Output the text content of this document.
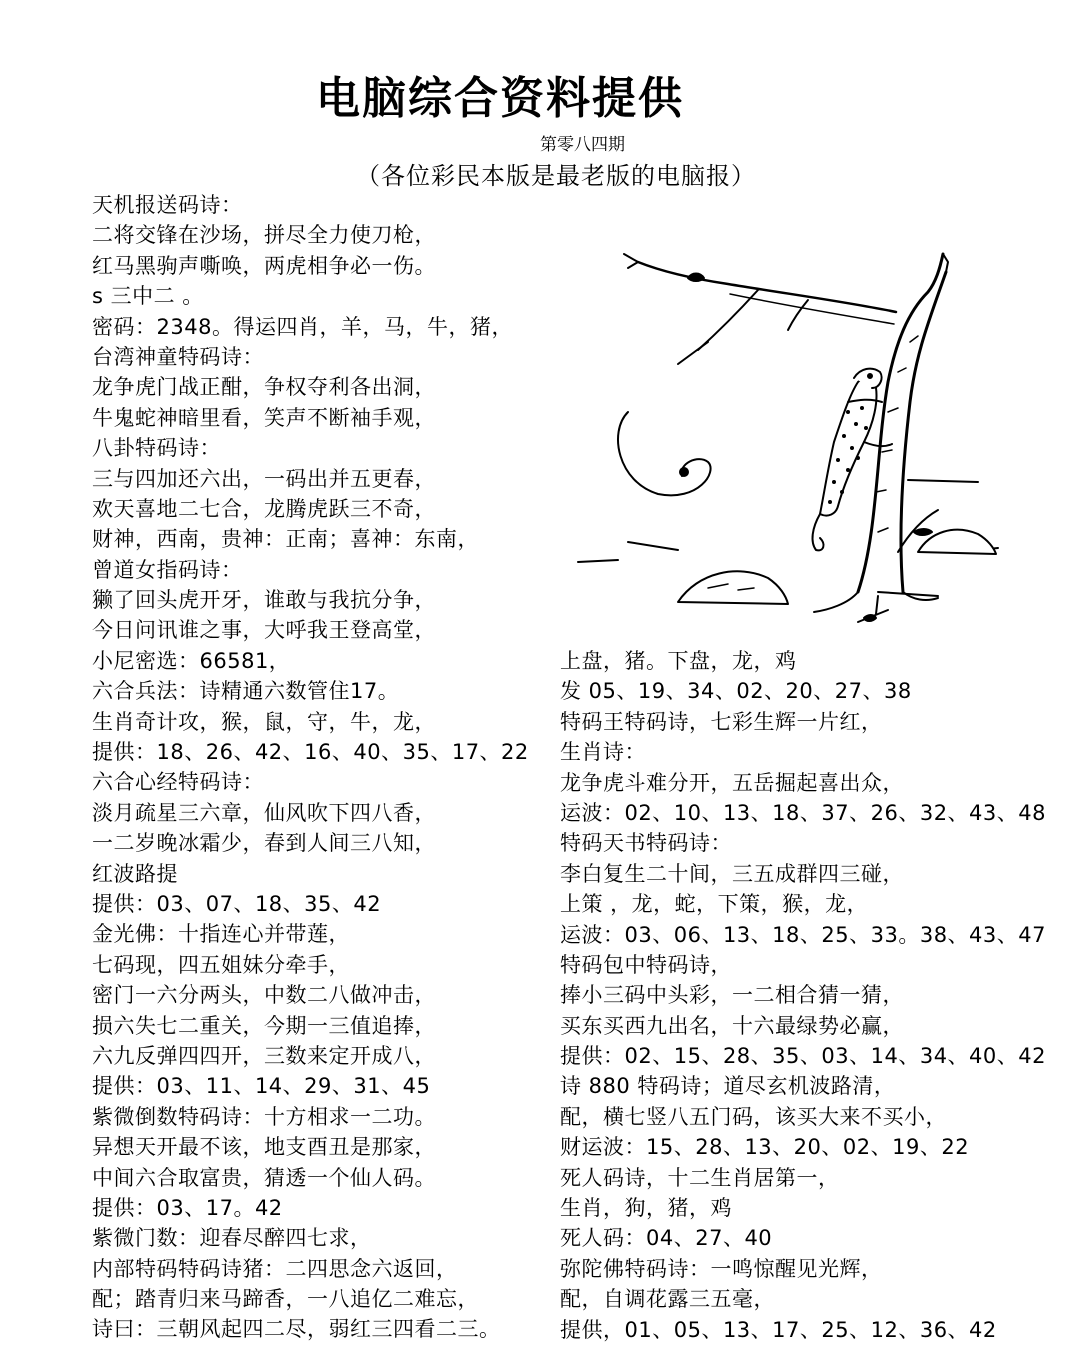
电脑综合资料提供
第零八四期
（各位彩民本版是最老版的电脑报）
天机报送码诗：
二将交锋在沙场，拼尽全力使刀枪，
红马黑驹声嘶唤，两虎相争必一伤。
s 三中二 。
密码：2348。得运四肖，羊，马，牛，猪，
台湾神童特码诗：
龙争虎门战正酣，争权夺利各出洞，
牛鬼蛇神暗里看，笑声不断袖手观，
八卦特码诗：
三与四加还六出，一码出并五更春，
欢天喜地二七合，龙腾虎跃三不奇，
财神，西南，贵神：正南；喜神：东南，
曾道女指码诗：
獭了回头虎开牙，谁敢与我抗分争，
今日问讯谁之事，大呼我王登高堂，
小尼密选：66581，
六合兵法：诗精通六数管住17。
生肖奇计攻，猴，鼠，守，牛，龙，
提供：18、26、42、16、40、35、17、22
六合心经特码诗：
淡月疏星三六章，仙风吹下四八香，
一二岁晚冰霜少，春到人间三八知，
红波路提
提供：03、07、18、35、42
金光佛：十指连心并带莲，
七码现，四五姐妹分牵手，
密门一六分两头，中数二八做冲击，
损六失七二重关，今期一三值追捧，
六九反弹四四开，三数来定开成八，
提供：03、11、14、29、31、45
紫微倒数特码诗：十方相求一二功。
异想天开最不该，地支酉丑是那家，
中间六合取富贵，猜透一个仙人码。
提供：03、17。42
紫微门数：迎春尽醉四七求，
内部特码特码诗猪：二四思念六返回，
配；踏青归来马蹄香，一八追亿二难忘，
诗曰：三朝风起四二尽，弱红三四看二三。
上盘，猪。下盘，龙，鸡
发 05、19、34、02、20、27、38
特码王特码诗，七彩生辉一片红，
生肖诗：
龙争虎斗难分开，五岳掘起喜出众，
运波：02、10、13、18、37、26、32、43、48
特码天书特码诗：
李白复生二十间，三五成群四三碰，
上策 ，龙，蛇，下策，猴，龙，
运波：03、06、13、18、25、33。38、43、47
特码包中特码诗，
捧小三码中头彩，一二相合猜一猜，
买东买西九出名，十六最绿势必赢，
提供：02、15、28、35、03、14、34、40、42
诗 880 特码诗；道尽玄机波路清，
配，横七竖八五门码，该买大来不买小，
财运波：15、28、13、20、02、19、22
死人码诗，十二生肖居第一，
生肖，狗，猪，鸡
死人码：04、27、40
弥陀佛特码诗：一鸣惊醒见光辉，
配，自调花露三五毫，
提供，01、05、13、17、25、12、36、42
